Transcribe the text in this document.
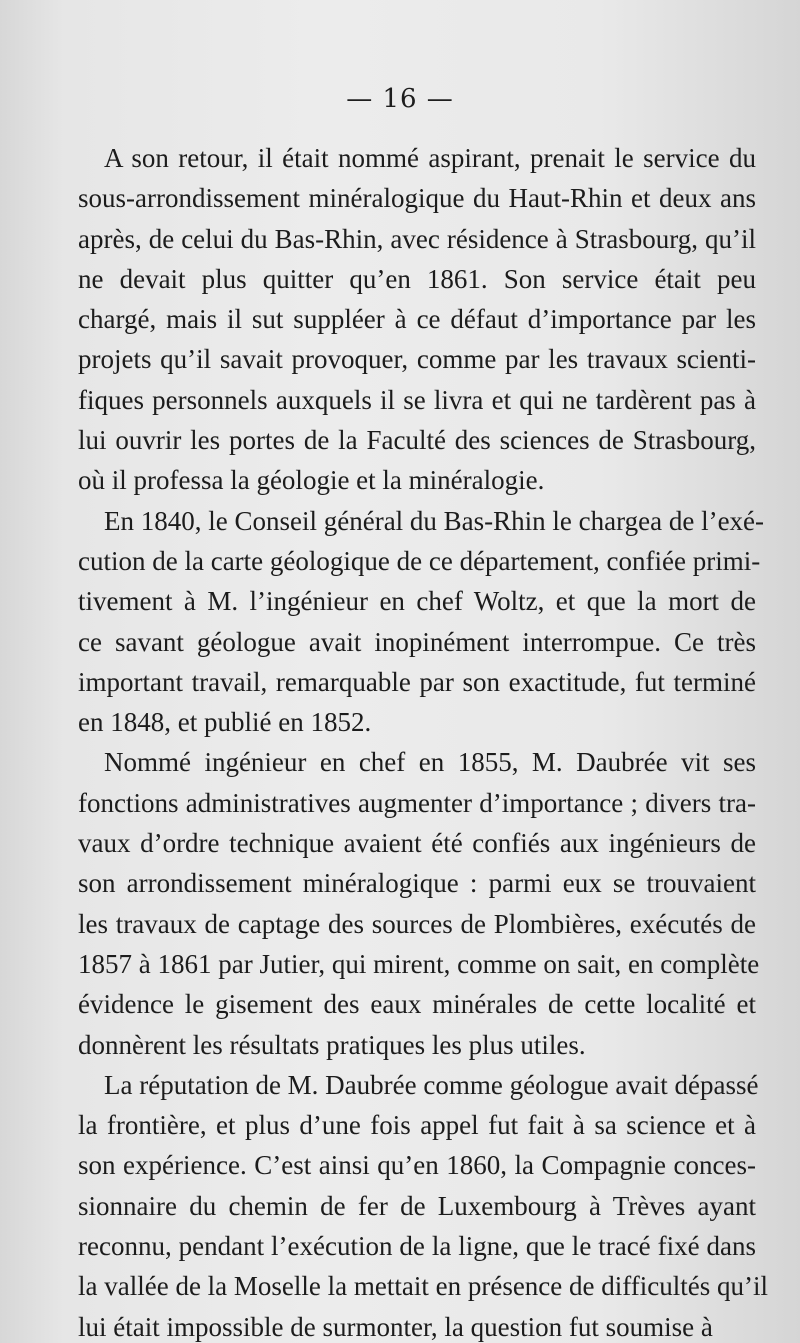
— 16 —
A son retour, il était nommé aspirant, prenait le service du
sous-arrondissement minéralogique du Haut-Rhin et deux ans
après, de celui du Bas-Rhin, avec résidence à Strasbourg, qu’il
ne devait plus quitter qu’en 1861. Son service était peu
chargé, mais il sut suppléer à ce défaut d’importance par les
projets qu’il savait provoquer, comme par les travaux scienti-
fiques personnels auxquels il se livra et qui ne tardèrent pas à
lui ouvrir les portes de la Faculté des sciences de Strasbourg,
où il professa la géologie et la minéralogie.
En 1840, le Conseil général du Bas-Rhin le chargea de l’exé-
cution de la carte géologique de ce département, confiée primi-
tivement à M. l’ingénieur en chef Woltz, et que la mort de
ce savant géologue avait inopinément interrompue. Ce très
important travail, remarquable par son exactitude, fut terminé
en 1848, et publié en 1852.
Nommé ingénieur en chef en 1855, M. Daubrée vit ses
fonctions administratives augmenter d’importance ; divers tra-
vaux d’ordre technique avaient été confiés aux ingénieurs de
son arrondissement minéralogique : parmi eux se trouvaient
les travaux de captage des sources de Plombières, exécutés de
1857 à 1861 par Jutier, qui mirent, comme on sait, en complète
évidence le gisement des eaux minérales de cette localité et
donnèrent les résultats pratiques les plus utiles.
La réputation de M. Daubrée comme géologue avait dépassé
la frontière, et plus d’une fois appel fut fait à sa science et à
son expérience. C’est ainsi qu’en 1860, la Compagnie conces-
sionnaire du chemin de fer de Luxembourg à Trèves ayant
reconnu, pendant l’exécution de la ligne, que le tracé fixé dans
la vallée de la Moselle la mettait en présence de difficultés qu’il
lui était impossible de surmonter, la question fut soumise à
